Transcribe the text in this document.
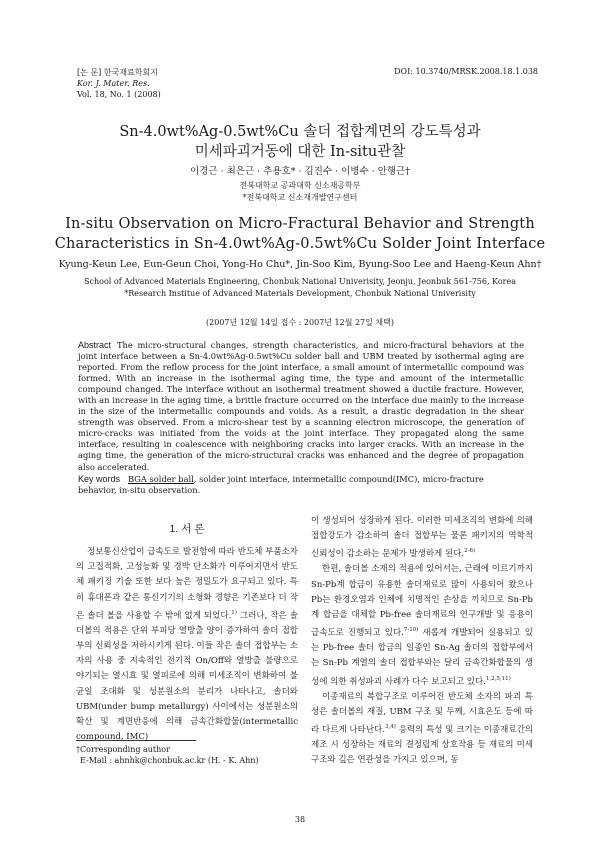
[논 문] 한국재료학회지
Kor. J. Mater. Res.
Vol. 18, No. 1 (2008)
DOI: 10.3740/MRSK.2008.18.1.038
Sn-4.0wt%Ag-0.5wt%Cu 솔더 접합계면의 강도특성과
미세파괴거동에 대한 In-situ관찰
이경근 · 최은근 · 추용호* · 김진수 · 이병수 · 안행근†
전북대학교 공과대학 신소재공학부
*전북대학교 신소재개발연구센터
In-situ Observation on Micro-Fractural Behavior and Strength
Characteristics in Sn-4.0wt%Ag-0.5wt%Cu Solder Joint Interface
Kyung-Keun Lee, Eun-Geun Choi, Yong-Ho Chu*, Jin-Soo Kim, Byung-Soo Lee and Haeng-Keun Ahn†
School of Advanced Materials Engineering, Chonbuk National Univerisity, Jeonju, Jeonbuk 561-756, Korea
*Research Institue of Advanced Materials Development, Chonbuk National Univerisity
(2007년 12월 14일 접수 : 2007년 12월 27일 채택)
Abstract The micro-structural changes, strength characteristics, and micro-fractural behaviors at the joint interface between a Sn-4.0wt%Ag-0.5wt%Cu solder ball and UBM treated by isothermal aging are reported. From the reflow process for the joint interface, a small amount of intermetallic compound was formed. With an increase in the isothermal aging time, the type and amount of the intermetallic compound changed. The interface without an isothermal treatment showed a ductile fracture. However, with an increase in the aging time, a brittle fracture occurred on the interface due mainly to the increase in the size of the intermetallic compounds and voids. As a result, a drastic degradation in the shear strength was observed. From a micro-shear test by a scanning electron microscope, the generation of micro-cracks was initiated from the voids at the joint interface. They propagated along the same interface, resulting in coalescence with neighboring cracks into larger cracks. With an increase in the aging time, the generation of the micro-structural cracks was enhanced and the degree of propagation also accelerated.
Key words BGA solder ball, solder joint interface, intermetallic compound(IMC), micro-fracture behavior, in-situ observation.
1. 서 론

정보통신산업이 급속도로 발전함에 따라 반도체 부품소자의 고집적화, 고성능화 및 경박 단소화가 이루어지면서 반도체 패키징 기술 또한 보다 높은 정밀도가 요구되고 있다. 특히 휴대폰과 같은 통신기기의 소형화 경향은 기존보다 더 작은 솔더 볼을 사용할 수 밖에 없게 되었다.$^{1)}$ 그러나, 작은 솔더볼의 적용은 단위 부피당 열방출 양이 증가하여 솔더 접합부의 신뢰성을 저하시키게 된다. 이들 작은 솔더 접합부는 소자의 사용 중 지속적인 전기적 On/Off와 열방출 불량으로 야기되는 열시효 및 열피로에 의해 미세조직이 변화하여 불균일 조대화 및 성분원소의 분리가 나타나고, 솔더와 UBM(under bump metallurgy) 사이에서는 성분원소의 확산 및 계면반응에 의해 금속간화합물(intermetallic compound, IMC)

이 생성되어 성장하게 된다. 이러한 미세조직의 변화에 의해 접합강도가 감소하여 솔더 접합부는 물론 패키지의 역학적 신뢰성이 감소하는 문제가 발생하게 된다.$^{2-6)}$

한편, 솔더볼 소재의 적용에 있어서는, 근래에 이르기까지 Sn-Pb계 합금이 유용한 솔더재료로 많이 사용되어 왔으나 Pb는 환경오염과 인체에 치명적인 손상을 끼치므로 Sn-Pb계 합금을 대체할 Pb-free 솔더재료의 연구개발 및 응용이 급속도로 진행되고 있다.$^{7-10)}$ 새롭게 개발되어 실용되고 있는 Pb-free 솔더 합금의 일종인 Sn-Ag 솔더의 접합부에서는 Sn-Pb 계열의 솔더 접합부와는 달리 금속간화합물의 생성에 의한 취성파괴 사례가 다수 보고되고 있다.$^{1,2,5,11)}$

이종재료의 복합구조로 이루어진 반도체 소자의 파괴 특성은 솔더볼의 재질, UBM 구조 및 두께, 시효온도 등에 따라 다르게 나타난다.$^{3,4)}$ 응력의 특성 및 크기는 이종재료간의 제조 시 성장하는 재료의 결정립계 상호작용 등 재료의 미세구조와 깊은 연관성을 가지고 있으며, 동

†Corresponding author
E-Mail : ahnhk@chonbuk.ac.kr (H. - K. Ahn)
38
